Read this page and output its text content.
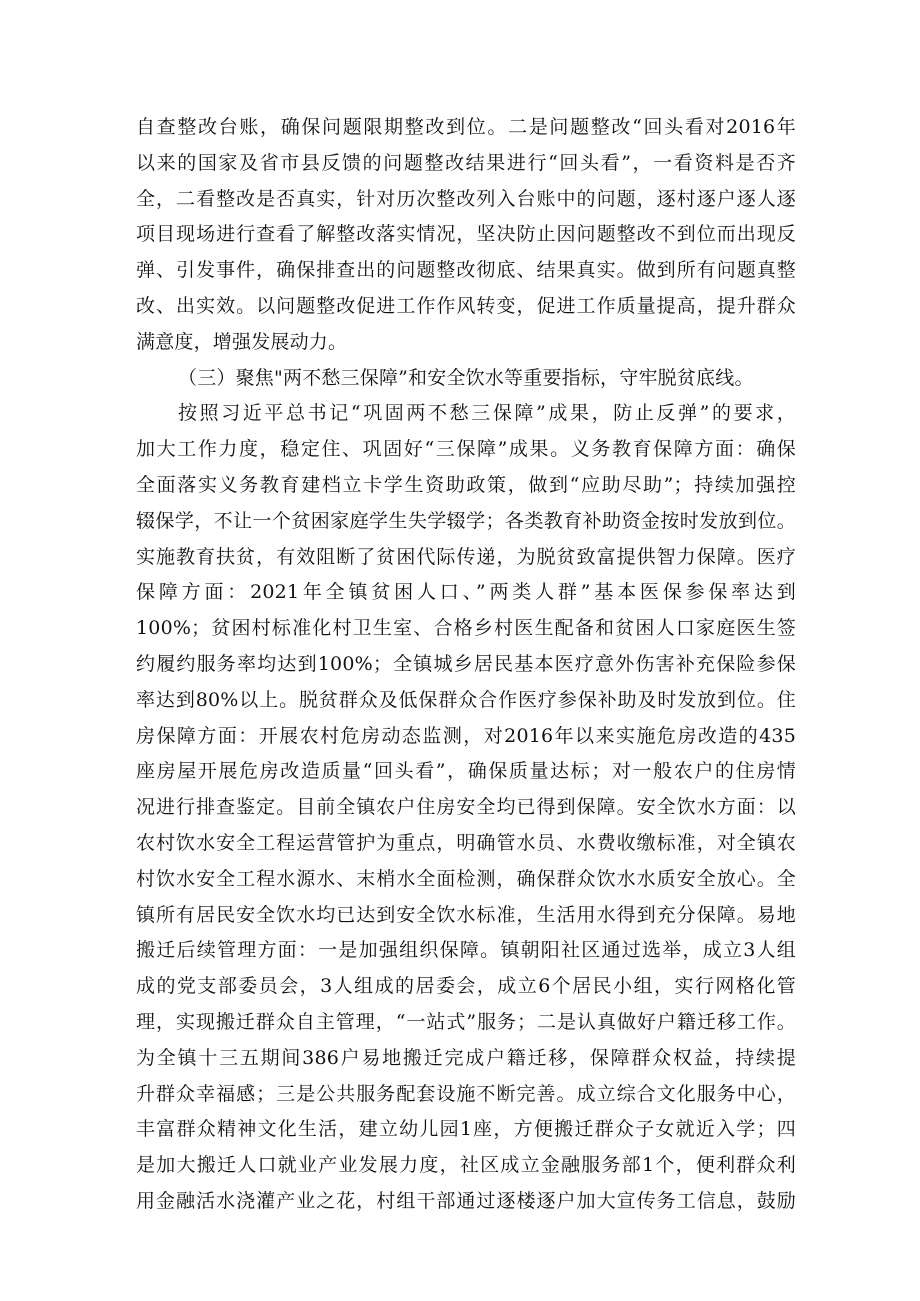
自查整改台账，确保问题限期整改到位。二是问题整改“回头看对2016年
以来的国家及省市县反馈的问题整改结果进行“回头看”，一看资料是否齐
全，二看整改是否真实，针对历次整改列入台账中的问题，逐村逐户逐人逐
项目现场进行查看了解整改落实情况，坚决防止因问题整改不到位而出现反
弹、引发事件，确保排查出的问题整改彻底、结果真实。做到所有问题真整
改、出实效。以问题整改促进工作作风转变，促进工作质量提高，提升群众
满意度，增强发展动力。
（三）聚焦"两不愁三保障”和安全饮水等重要指标，守牢脱贫底线。
按照习近平总书记“巩固两不愁三保障”成果，防止反弹”的要求，
加大工作力度，稳定住、巩固好“三保障”成果。义务教育保障方面：确保
全面落实义务教育建档立卡学生资助政策，做到“应助尽助”；持续加强控
辍保学，不让一个贫困家庭学生失学辍学；各类教育补助资金按时发放到位。
实施教育扶贫，有效阻断了贫困代际传递，为脱贫致富提供智力保障。医疗
保障方面：2021年全镇贫困人口、”两类人群”基本医保参保率达到
100%；贫困村标准化村卫生室、合格乡村医生配备和贫困人口家庭医生签
约履约服务率均达到100%；全镇城乡居民基本医疗意外伤害补充保险参保
率达到80%以上。脱贫群众及低保群众合作医疗参保补助及时发放到位。住
房保障方面：开展农村危房动态监测，对2016年以来实施危房改造的435
座房屋开展危房改造质量“回头看”，确保质量达标；对一般农户的住房情
况进行排查鉴定。目前全镇农户住房安全均已得到保障。安全饮水方面：以
农村饮水安全工程运营管护为重点，明确管水员、水费收缴标准，对全镇农
村饮水安全工程水源水、末梢水全面检测，确保群众饮水水质安全放心。全
镇所有居民安全饮水均已达到安全饮水标准，生活用水得到充分保障。易地
搬迁后续管理方面：一是加强组织保障。镇朝阳社区通过选举，成立3人组
成的党支部委员会，3人组成的居委会，成立6个居民小组，实行网格化管
理，实现搬迁群众自主管理，“一站式”服务；二是认真做好户籍迁移工作。
为全镇十三五期间386户易地搬迁完成户籍迁移，保障群众权益，持续提
升群众幸福感；三是公共服务配套设施不断完善。成立综合文化服务中心，
丰富群众精神文化生活，建立幼儿园1座，方便搬迁群众子女就近入学；四
是加大搬迁人口就业产业发展力度，社区成立金融服务部1个，便利群众利
用金融活水浇灌产业之花，村组干部通过逐楼逐户加大宣传务工信息，鼓励
